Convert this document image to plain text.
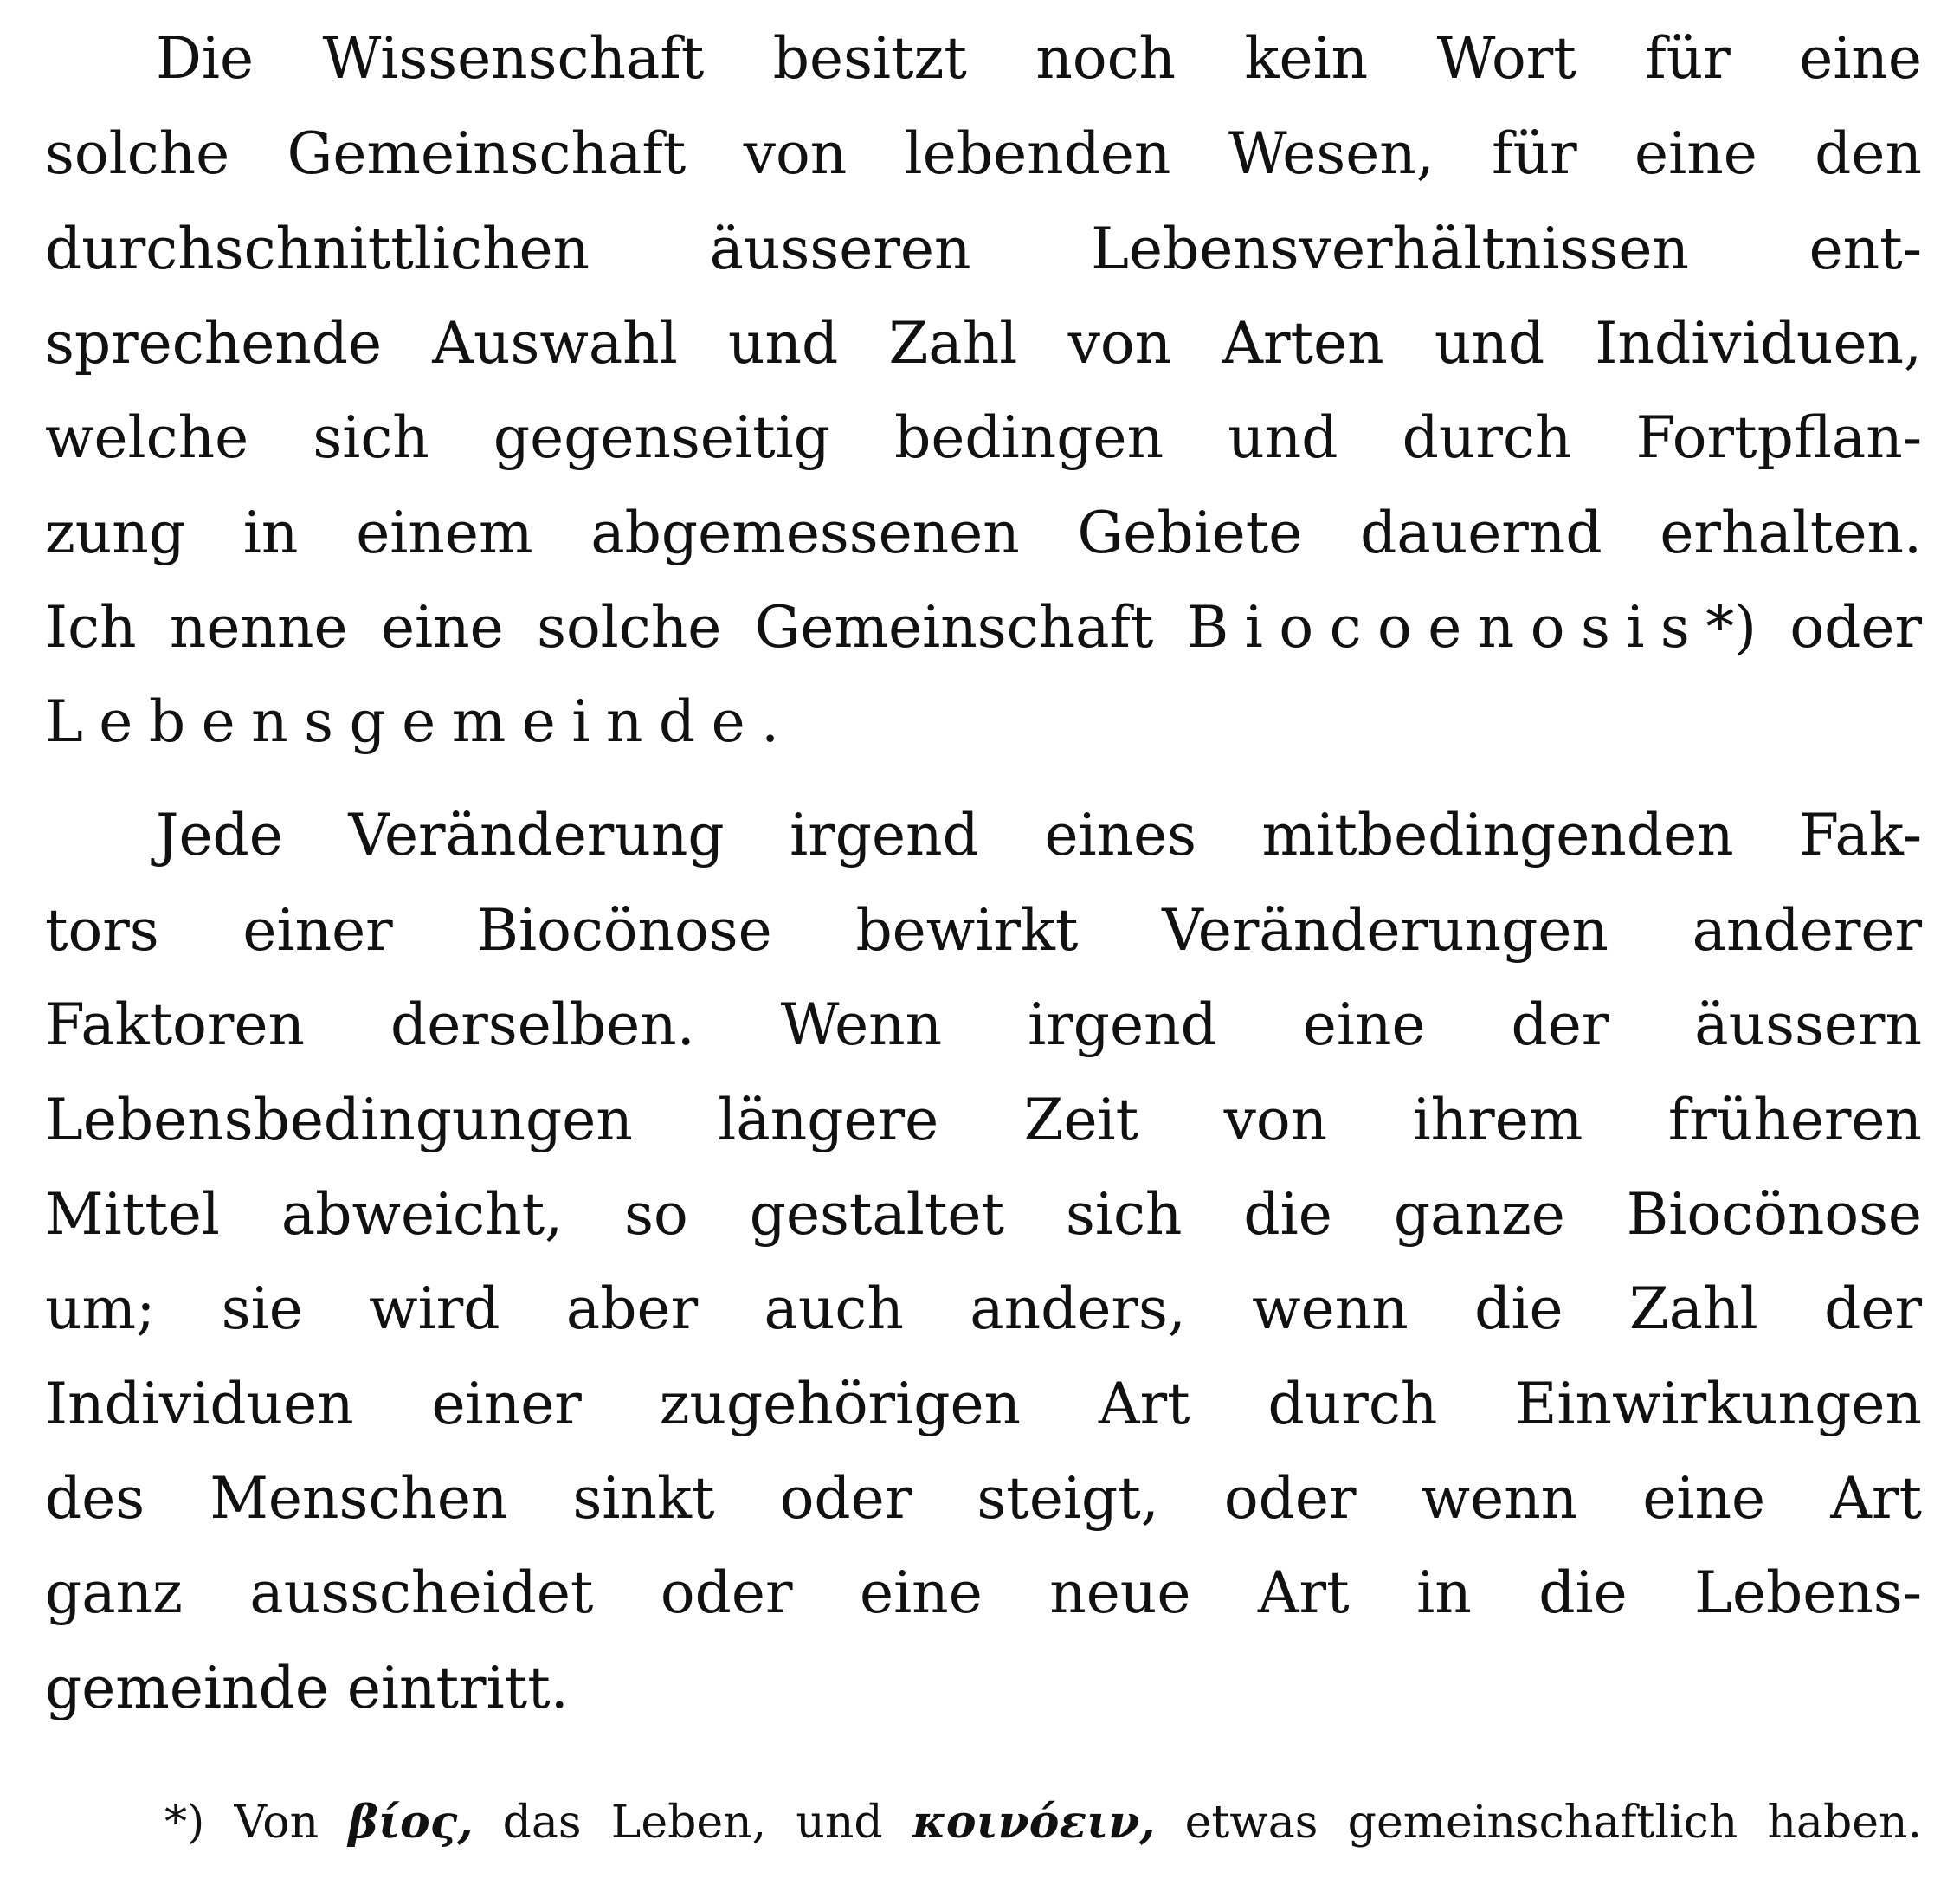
Die Wissenschaft besitzt noch kein Wort für eine
solche Gemeinschaft von lebenden Wesen, für eine den
durchschnittlichen äusseren Lebensverhältnissen ent-
sprechende Auswahl und Zahl von Arten und Individuen,
welche sich gegenseitig bedingen und durch Fortpflan-
zung in einem abgemessenen Gebiete dauernd erhalten.
Ich nenne eine solche Gemeinschaft Biocoenosis*) oder
Lebensgemeinde.
Jede Veränderung irgend eines mitbedingenden Fak-
tors einer Biocönose bewirkt Veränderungen anderer
Faktoren derselben. Wenn irgend eine der äussern
Lebensbedingungen längere Zeit von ihrem früheren
Mittel abweicht, so gestaltet sich die ganze Biocönose
um; sie wird aber auch anders, wenn die Zahl der
Individuen einer zugehörigen Art durch Einwirkungen
des Menschen sinkt oder steigt, oder wenn eine Art
ganz ausscheidet oder eine neue Art in die Lebens-
gemeinde eintritt.
*) Von βίος, das Leben, und κοινόειν, etwas gemeinschaftlich haben.
